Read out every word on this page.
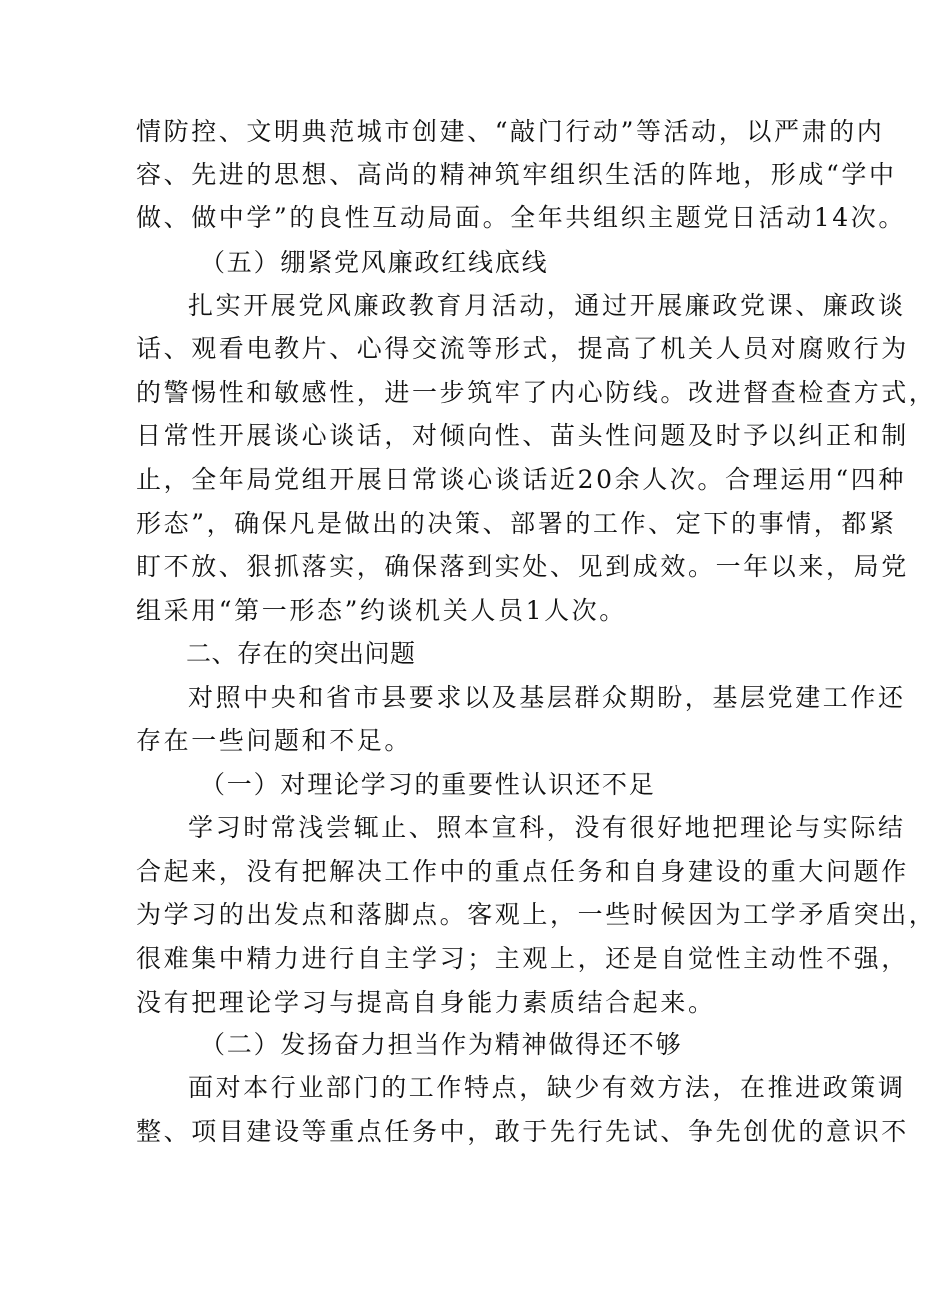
情防控、文明典范城市创建、“敲门行动”等活动，以严肃的内
容、先进的思想、高尚的精神筑牢组织生活的阵地，形成“学中
做、做中学”的良性互动局面。全年共组织主题党日活动14次。
（五）绷紧党风廉政红线底线
扎实开展党风廉政教育月活动，通过开展廉政党课、廉政谈
话、观看电教片、心得交流等形式，提高了机关人员对腐败行为
的警惕性和敏感性，进一步筑牢了内心防线。改进督查检查方式，
日常性开展谈心谈话，对倾向性、苗头性问题及时予以纠正和制
止，全年局党组开展日常谈心谈话近20余人次。合理运用“四种
形态”，确保凡是做出的决策、部署的工作、定下的事情，都紧
盯不放、狠抓落实，确保落到实处、见到成效。一年以来，局党
组采用“第一形态”约谈机关人员1人次。
二、存在的突出问题
对照中央和省市县要求以及基层群众期盼，基层党建工作还
存在一些问题和不足。
（一）对理论学习的重要性认识还不足
学习时常浅尝辄止、照本宣科，没有很好地把理论与实际结
合起来，没有把解决工作中的重点任务和自身建设的重大问题作
为学习的出发点和落脚点。客观上，一些时候因为工学矛盾突出，
很难集中精力进行自主学习；主观上，还是自觉性主动性不强，
没有把理论学习与提高自身能力素质结合起来。
（二）发扬奋力担当作为精神做得还不够
面对本行业部门的工作特点，缺少有效方法，在推进政策调
整、项目建设等重点任务中，敢于先行先试、争先创优的意识不
